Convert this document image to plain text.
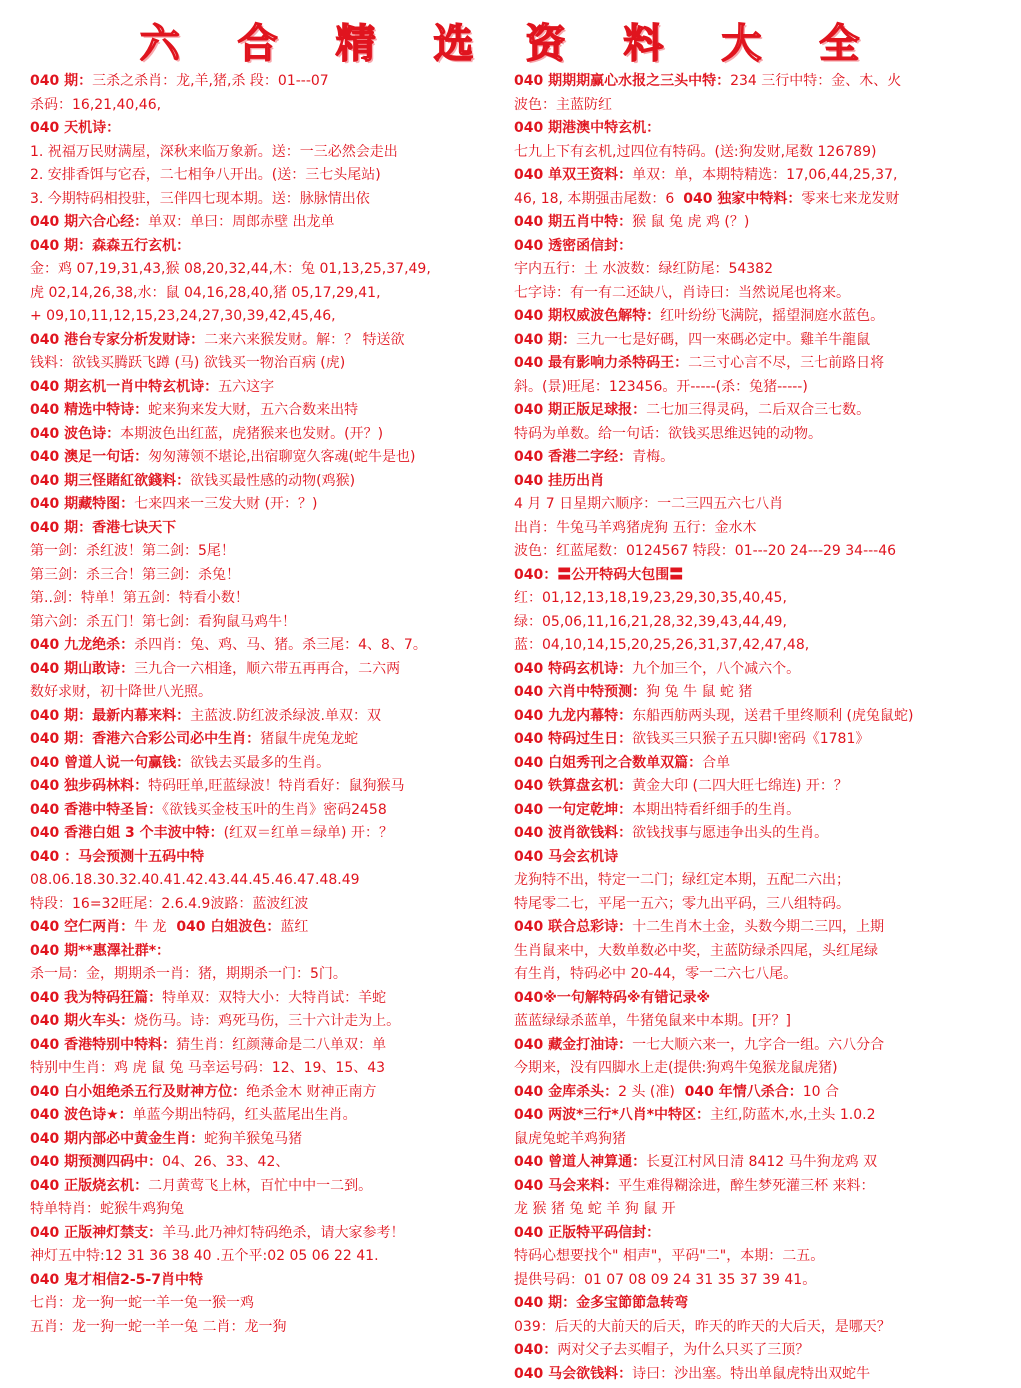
六 合 精 选 资 料 大 全
040 期：三杀之杀肖：龙,羊,猪,杀 段：01---07
杀码：16,21,40,46,
040 天机诗：
1. 祝福万民财满屋，深秋来临万象新。送：一三必然会走出
2. 安排香饵与它吞，二七相争八开出。(送：三七头尾站)
3. 今期特码相投驻，三伴四七现本期。送：脉脉情出依
040 期六合心经：单双：单曰：周郎赤壁 出龙单
040 期：森森五行玄机：
金：鸡 07,19,31,43,猴 08,20,32,44,木：兔 01,13,25,37,49,
虎 02,14,26,38,水：鼠 04,16,28,40,猪 05,17,29,41,
+ 09,10,11,12,15,23,24,27,30,39,42,45,46,
040 港台专家分析发财诗：二来六来猴发财。解：？ 特送欲
钱料：欲钱买腾跃飞蹲 (马) 欲钱买一物治百病 (虎)
040 期玄机一肖中特玄机诗：五六这字
040 精选中特诗：蛇来狗来发大财，五六合数来出特
040 波色诗：本期波色出红蓝，虎猪猴来也发财。(开？)
040 澳足一句话：匆匆薄领不堪论,出宿聊宽久客魂(蛇牛是也)
040 期三怪賭紅欲錢料：欲钱买最性感的动物(鸡猴)
040 期藏特图：七来四来一三发大财 (开：？)
040 期：香港七诀天下
第一剑：杀红波！第二剑：5尾！
第三剑：杀三合！第三剑：杀兔！
第..剑：特单！第五剑：特看小数！
第六剑：杀五门！第七剑：看狗鼠马鸡牛！
040 九龙绝杀：杀四肖：兔、鸡、马、猪。杀三尾：4、8、7。
040 期山敢诗：三九合一六相逢，顺六带五再再合，二六两
数好求财，初十降世八光照。
040 期：最新内幕来料：主蓝波.防红波杀绿波.单双：双
040 期：香港六合彩公司必中生肖：猪鼠牛虎兔龙蛇
040 曾道人说一句赢钱：欲钱去买最多的生肖。
040 独步码林料：特码旺单,旺蓝绿波！特肖看好：鼠狗猴马
040 香港中特圣旨：《欲钱买金枝玉叶的生肖》密码2458
040 香港白姐 3 个丰波中特：(红双＝红单＝绿单) 开：？
040 ：马会预测十五码中特
08.06.18.30.32.40.41.42.43.44.45.46.47.48.49
特段：16=32旺尾：2.6.4.9波路：蓝波红波
040 空仁两肖：牛 龙 040 白姐波色：蓝红
040 期**惠澤社群*：
杀一局：金，期期杀一肖：猪，期期杀一门：5门。
040 我为特码狂篇：特单双：双特大小：大特肖试：羊蛇
040 期火车头：烧伤马。诗：鸡死马伤，三十六计走为上。
040 香港特别中特料：猜生肖：红颜薄命是二八单双：单
特别中生肖：鸡 虎 鼠 兔 马幸运号码：12、19、15、43
040 白小姐绝杀五行及财神方位：绝杀金木 财神正南方
040 波色诗★：单蓝今期出特码，红头蓝尾出生肖。
040 期内部必中黄金生肖：蛇狗羊猴兔马猪
040 期预测四码中：04、26、33、42、
040 正版烧玄机：二月黄莺飞上林，百忙中中一二到。
特单特肖：蛇猴牛鸡狗兔
040 正版神灯禁支：羊马.此乃神灯特码绝杀，请大家参考！
神灯五中特:12 31 36 38 40 .五个平:02 05 06 22 41.
040 鬼才相信2-5-7肖中特
七肖：龙一狗一蛇一羊一兔一猴一鸡
五肖：龙一狗一蛇一羊一兔 二肖：龙一狗
040 期期期赢心水报之三头中特：234 三行中特：金、木、火
波色：主蓝防红
040 期港澳中特玄机：
七九上下有玄机,过四位有特码。(送:狗发财,尾数 126789)
040 单双王资料：单双：单，本期特精选：17,06,44,25,37,
46, 18, 本期强击尾数：6 040 独家中特料：零来七来龙发财
040 期五肖中特：猴 鼠 兔 虎 鸡 (？)
040 透密函信封：
宇内五行：土 水波数：绿红防尾：54382
七字诗：有一有二还缺八，肖诗曰：当然说尾也将来。
040 期权威波色解特：红叶纷纷飞满院，摇望洞庭水蓝色。
040 期：三九一七是好碼，四一來碼必定中。雞羊牛龍鼠
040 最有影响力杀特码王：二三寸心言不尽，三七前路日将
斜。(景)旺尾：123456。开-----(杀：兔猪-----)
040 期正版足球报：二七加三得灵码，二后双合三七数。
特码为单数。给一句话：欲钱买思维迟钝的动物。
040 香港二字经：青梅。
040 挂历出肖
4 月 7 日星期六顺序：一二三四五六七八肖
出肖：牛兔马羊鸡猪虎狗 五行：金水木
波色：红蓝尾数：0124567 特段：01---20 24---29 34---46
040：〓公开特码大包围〓
红：01,12,13,18,19,23,29,30,35,40,45,
绿：05,06,11,16,21,28,32,39,43,44,49,
蓝：04,10,14,15,20,25,26,31,37,42,47,48,
040 特码玄机诗：九个加三个，八个减六个。
040 六肖中特预测：狗 兔 牛 鼠 蛇 猪
040 九龙内幕特：东船西舫两头现，送君千里终顺利 (虎兔鼠蛇)
040 特码过生日：欲钱买三只猴子五只脚!密码《1781》
040 白姐秀刊之合数单双篇：合单
040 铁算盘玄机：黄金大印 (二四大旺七绵连) 开：？
040 一句定乾坤：本期出特看纤细手的生肖。
040 波肖欲钱料：欲钱找事与愿违争出头的生肖。
040 马会玄机诗
龙狗特不出，特定一二门；绿红定本期，五配二六出；
特尾零二七，平尾一五六；零九出平码，三八组特码。
040 联合总彩诗：十二生肖木土金，头数今期二三四，上期
生肖鼠来中，大数单数必中奖，主蓝防绿杀四尾，头红尾绿
有生肖，特码必中 20-44，零一二六七八尾。
040※一句解特码※有错记录※
蓝蓝绿绿杀蓝单，牛猪兔鼠来中本期。[开？]
040 藏金打油诗：一七大顺六来一，九字合一组。六八分合
今期来，没有四脚水上走(提供:狗鸡牛兔猴龙鼠虎猪)
040 金库杀头：2 头 (准) 040 年情八杀合：10 合
040 两波*三行*八肖*中特区：主红,防蓝木,水,土头 1.0.2
鼠虎兔蛇羊鸡狗猪
040 曾道人神算通：长夏江村风日清 8412 马牛狗龙鸡 双
040 马会来料：平生难得糊涂进，醉生梦死灌三杯 来料：
龙 猴 猪 兔 蛇 羊 狗 鼠 开
040 正版特平码信封：
特码心想要找个" 相声"，平码"二"，本期：二五。
提供号码：01 07 08 09 24 31 35 37 39 41。
040 期：金多宝節節急转弯
039：后天的大前天的后天，昨天的昨天的大后天，是哪天？
040：两对父子去买帽子，为什么只买了三顶？
040 马会欲钱料：诗曰：沙出塞。特出单鼠虎特出双蛇牛
